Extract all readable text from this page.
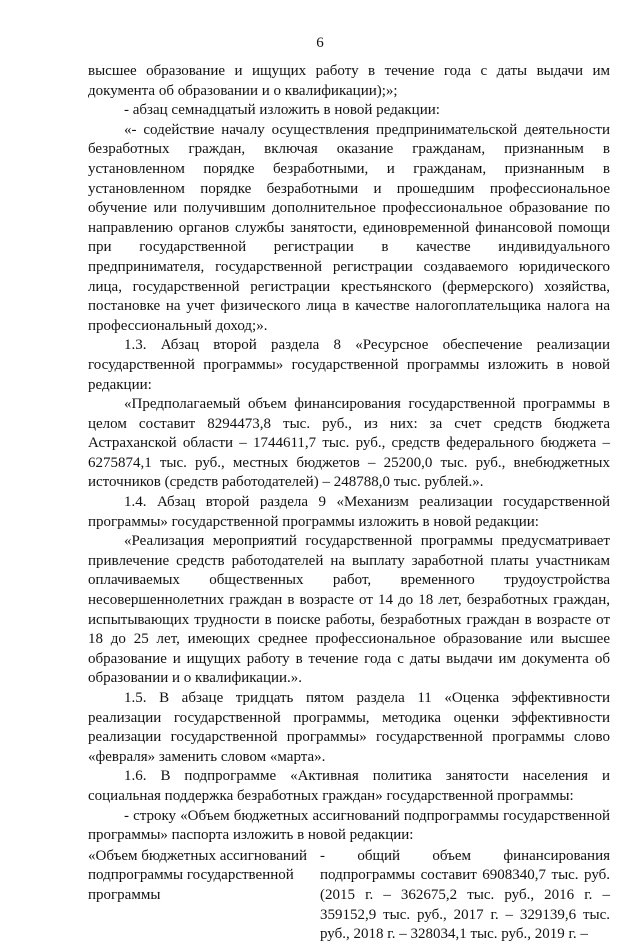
6

высшее образование и ищущих работу в течение года с даты выдачи им документа об образовании и о квалификации);»;

- абзац семнадцатый изложить в новой редакции:

«- содействие началу осуществления предпринимательской деятельности безработных граждан, включая оказание гражданам, признанным в установленном порядке безработными, и гражданам, признанным в установленном порядке безработными и прошедшим профессиональное обучение или получившим дополнительное профессиональное образование по направлению органов службы занятости, единовременной финансовой помощи при государственной регистрации в качестве индивидуального предпринимателя, государственной регистрации создаваемого юридического лица, государственной регистрации крестьянского (фермерского) хозяйства, постановке на учет физического лица в качестве налогоплательщика налога на профессиональный доход;».

1.3. Абзац второй раздела 8 «Ресурсное обеспечение реализации государственной программы» государственной программы изложить в новой редакции:

«Предполагаемый объем финансирования государственной программы в целом составит 8294473,8 тыс. руб., из них: за счет средств бюджета Астраханской области – 1744611,7 тыс. руб., средств федерального бюджета – 6275874,1 тыс. руб., местных бюджетов – 25200,0 тыс. руб., внебюджетных источников (средств работодателей) – 248788,0 тыс. рублей.».

1.4. Абзац второй раздела 9 «Механизм реализации государственной программы» государственной программы изложить в новой редакции:

«Реализация мероприятий государственной программы предусматривает привлечение средств работодателей на выплату заработной платы участникам оплачиваемых общественных работ, временного трудоустройства несовершеннолетних граждан в возрасте от 14 до 18 лет, безработных граждан, испытывающих трудности в поиске работы, безработных граждан в возрасте от 18 до 25 лет, имеющих среднее профессиональное образование или высшее образование и ищущих работу в течение года с даты выдачи им документа об образовании и о квалификации.».

1.5. В абзаце тридцать пятом раздела 11 «Оценка эффективности реализации государственной программы, методика оценки эффективности реализации государственной программы» государственной программы слово «февраля» заменить словом «марта».

1.6. В подпрограмме «Активная политика занятости населения и социальная поддержка безработных граждан» государственной программы:

- строку «Объем бюджетных ассигнований подпрограммы государственной программы» паспорта изложить в новой редакции:

«Объем бюджетных ассигнований подпрограммы государственной программы
- общий объем финансирования подпрограммы составит 6908340,7 тыс. руб. (2015 г. – 362675,2 тыс. руб., 2016 г. – 359152,9 тыс. руб., 2017 г. – 329139,6 тыс. руб., 2018 г. – 328034,1 тыс. руб., 2019 г. –
